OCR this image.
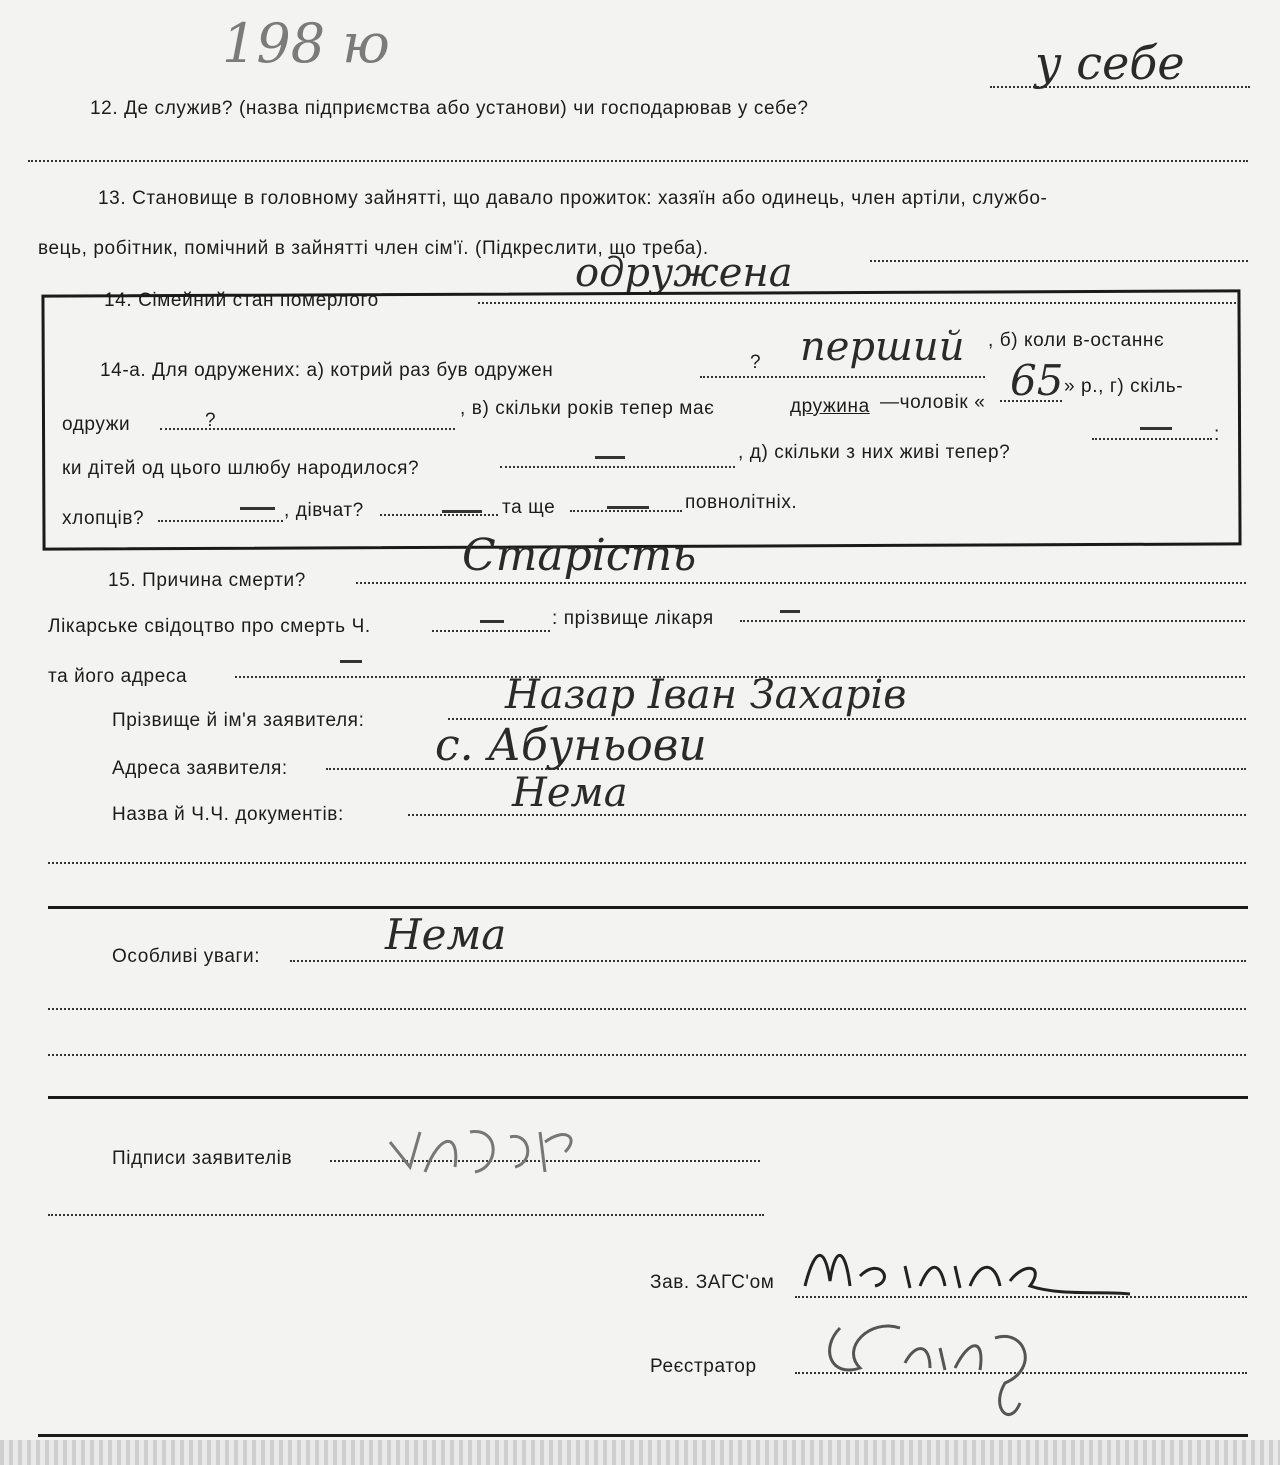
198 ю
12. Де служив? (назва підприємства або установи) чи господарював у себе?
у себе
13. Становище в головному зайнятті, що давало прожиток: хазяїн або одинець, член артіли, службо-
вець, робітник, помічний в зайнятті член сім'ї. (Підкреслити, що треба).
14. Сімейний стан померлого
одружена
14-а. Для одружених: а) котрий раз був одружен	? перший , б) коли в-останнє
одружи	?
, в) скільки років тепер має	дружина —чоловік « 65 » р., г) скіль-
ки дітей од цього шлюбу народилося?
, д) скільки з них живі тепер?
:
хлопців?	, дівчат?	та ще	повнолітніх.
15. Причина смерти?	Старість
Лікарське свідоцтво про смерть Ч.	: прізвище лікаря
та його адреса
Прізвище й ім'я заявителя:
Назар Іван Захарів
Адреса заявителя:	с. Абуньови
Назва й Ч.Ч. документів:	Нема
Особливі уваги:	Нема
Підписи заявителів
Зав. ЗАГС'ом
Реєстратор
